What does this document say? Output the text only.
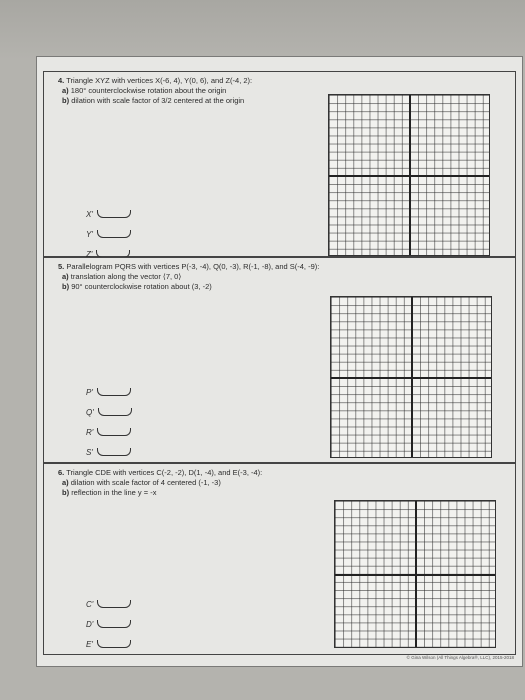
4. Triangle XYZ with vertices X(-6, 4), Y(0, 6), and Z(-4, 2):
a) 180° counterclockwise rotation about the origin
b) dilation with scale factor of 3/2 centered at the origin
X'
Y'
Z'
5. Parallelogram PQRS with vertices P(-3, -4), Q(0, -3), R(-1, -8), and S(-4, -9):
a) translation along the vector ⟨7, 0⟩
b) 90° counterclockwise rotation about (3, -2)
P'
Q'
R'
S'
6. Triangle CDE with vertices C(-2, -2), D(1, -4), and E(-3, -4):
a) dilation with scale factor of 4 centered (-1, -3)
b) reflection in the line y = -x
C'
D'
E'
© Gina Wilson (All Things Algebra®, LLC), 2015-2018
